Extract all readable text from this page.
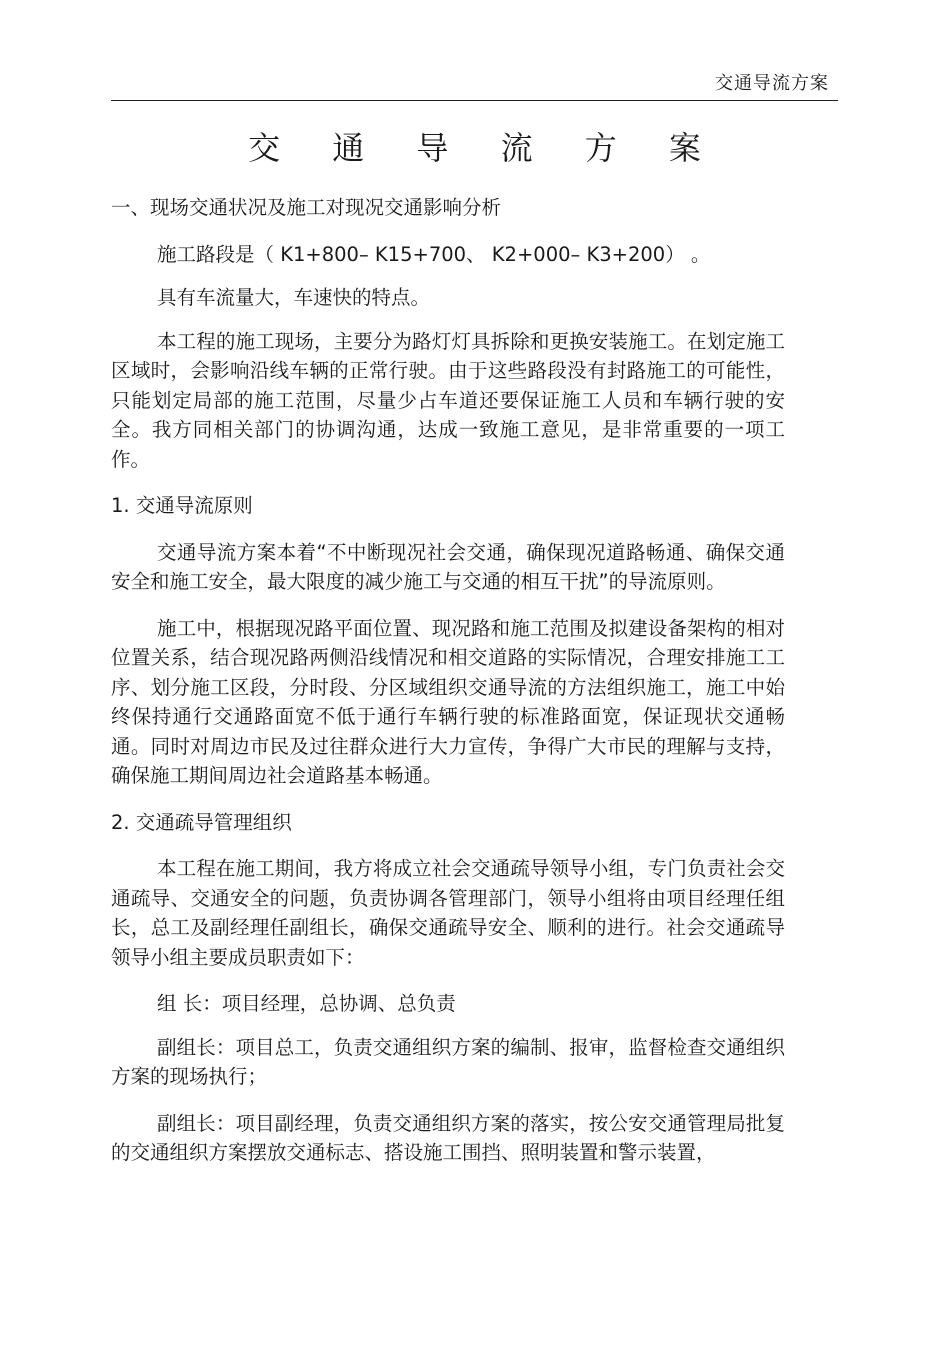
交通导流方案
交 通 导 流 方 案

一、现场交通状况及施工对现况交通影响分析

施工路段是（ K1+800– K15+700、 K2+000– K3+200） 。

具有车流量大，车速快的特点。

本工程的施工现场，主要分为路灯灯具拆除和更换安装施工。在划定施工区域时，会影响沿线车辆的正常行驶。由于这些路段没有封路施工的可能性，只能划定局部的施工范围，尽量少占车道还要保证施工人员和车辆行驶的安全。我方同相关部门的协调沟通，达成一致施工意见，是非常重要的一项工作。

1. 交通导流原则

交通导流方案本着“不中断现况社会交通，确保现况道路畅通、确保交通安全和施工安全，最大限度的减少施工与交通的相互干扰”的导流原则。

施工中，根据现况路平面位置、现况路和施工范围及拟建设备架构的相对位置关系，结合现况路两侧沿线情况和相交道路的实际情况，合理安排施工工序、划分施工区段，分时段、分区域组织交通导流的方法组织施工，施工中始终保持通行交通路面宽不低于通行车辆行驶的标准路面宽，保证现状交通畅通。同时对周边市民及过往群众进行大力宣传，争得广大市民的理解与支持，确保施工期间周边社会道路基本畅通。

2. 交通疏导管理组织

本工程在施工期间，我方将成立社会交通疏导领导小组，专门负责社会交通疏导、交通安全的问题，负责协调各管理部门，领导小组将由项目经理任组长，总工及副经理任副组长，确保交通疏导安全、顺利的进行。社会交通疏导领导小组主要成员职责如下：

组 长：项目经理，总协调、总负责

副组长：项目总工，负责交通组织方案的编制、报审，监督检查交通组织方案的现场执行；

副组长：项目副经理，负责交通组织方案的落实，按公安交通管理局批复的交通组织方案摆放交通标志、搭设施工围挡、照明装置和警示装置，
